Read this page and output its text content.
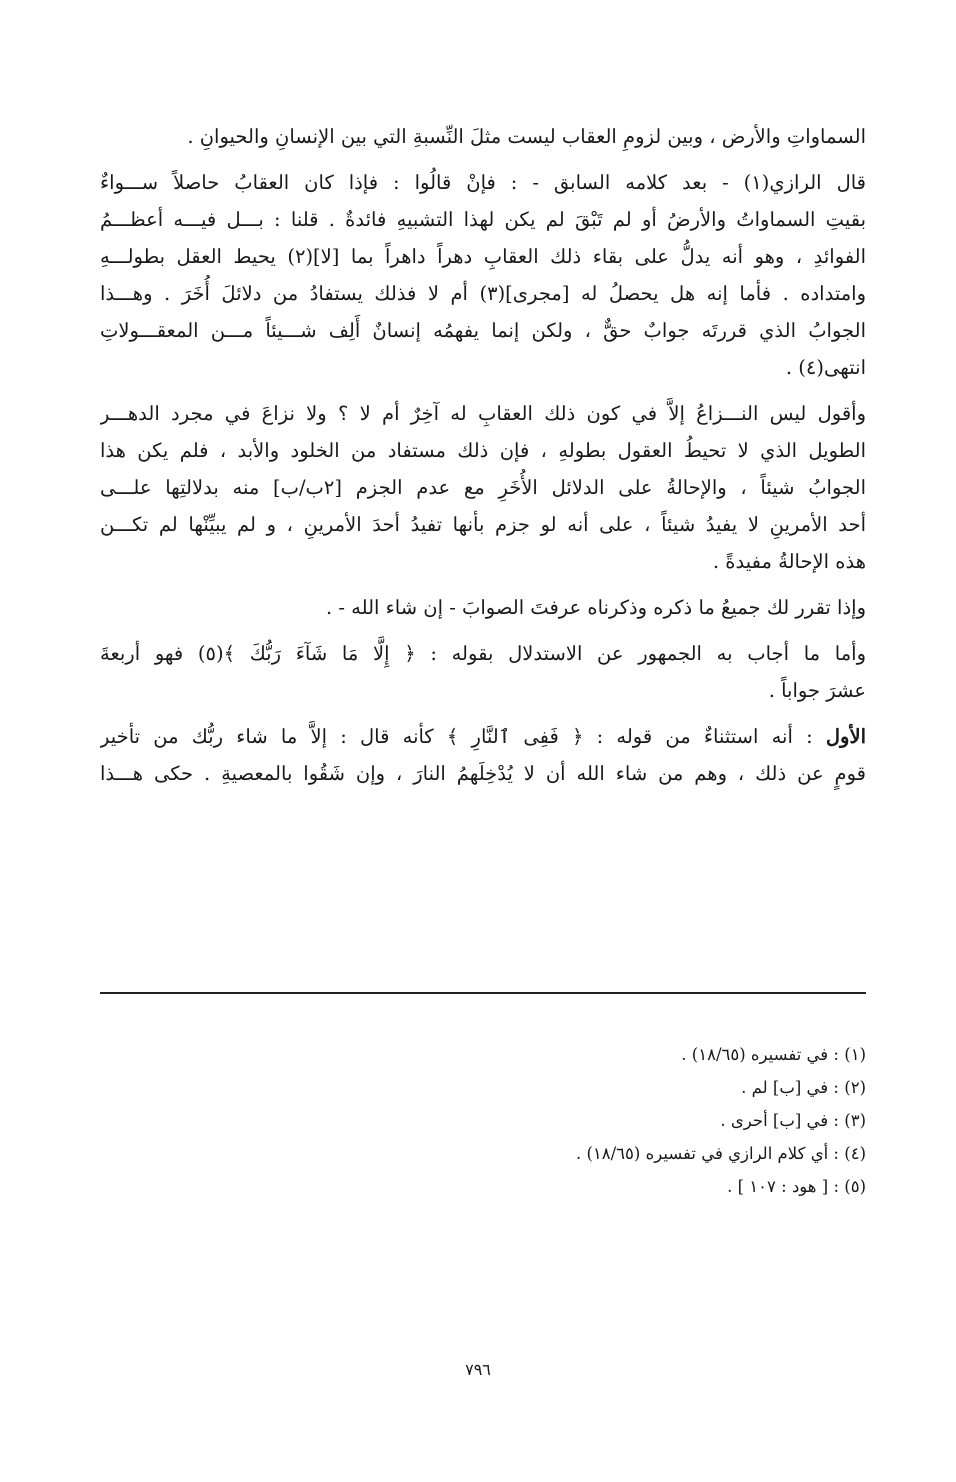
السماواتِ والأرض ، وبين لزومِ العقاب ليست مثلَ النِّسبةِ التي بين الإنسانِ والحيوانِ .
قال الرازي(١) - بعد كلامه السابق - : فإنْ قالُوا : فإذا كان العقابُ حاصلاً ســـواءٌ
بقيتِ السماواتُ والأرضُ أو لم تَبْقَ لم يكن لهذا التشبيهِ فائدةٌ . قلنا : بـــل فيـــه أعظـــمُ
الفوائدِ ، وهو أنه يدلُّ على بقاء ذلك العقابِ دهراً داهراً بما [لا](٢) يحيط العقل بطولـــهِ
وامتداده . فأما إنه هل يحصلُ له [مجرى](٣) أم لا فذلك يستفادُ من دلائلَ أُخَرَ . وهـــذا
الجوابُ الذي قررتَه جوابٌ حقٌّ ، ولكن إنما يفهمُه إنسانٌ أَلِف شـــيئاً مـــن المعقـــولاتِ
انتهى(٤) .
وأقول ليس النـــزاعُ إلاَّ في كون ذلك العقابِ له آخِرٌ أم لا ؟ ولا نزاعَ في مجرد الدهـــر
الطويل الذي لا تحيطُ العقول بطولهِ ، فإن ذلك مستفاد من الخلود والأبد ، فلم يكن هذا
الجوابُ شيئاً ، والإحالةُ على الدلائل الأُخَرِ مع عدم الجزم [٢ب/ب] منه بدلالتِها علـــى
أحد الأمرينِ لا يفيدُ شيئاً ، على أنه لو جزم بأنها تفيدُ أحدَ الأمرينِ ، و لم يبيِّنْها لم تكـــن
هذه الإحالةُ مفيدةً .
وإذا تقرر لك جميعُ ما ذكره وذكرناه عرفتَ الصوابَ - إن شاء الله - .
وأما ما أجاب به الجمهور عن الاستدلال بقوله : ﴿ إِلَّا مَا شَآءَ رَبُّكَ ﴾(٥) فهو أربعةَ
عشرَ جواباً .
الأول : أنه استثناءٌ من قوله : ﴿ فَفِى ٱلنَّارِ ﴾ كأنه قال : إلاَّ ما شاء ربُّك من تأخير
قومٍ عن ذلك ، وهم من شاء الله أن لا يُدْخِلَهمُ النارَ ، وإن شَقُوا بالمعصيةِ . حكى هـــذا
(١) : في تفسيره (١٨/٦٥) .
(٢) : في [ب] لم .
(٣) : في [ب] أحرى .
(٤) : أي كلام الرازي في تفسيره (١٨/٦٥) .
(٥) : [ هود : ١٠٧ ] .
٧٩٦
